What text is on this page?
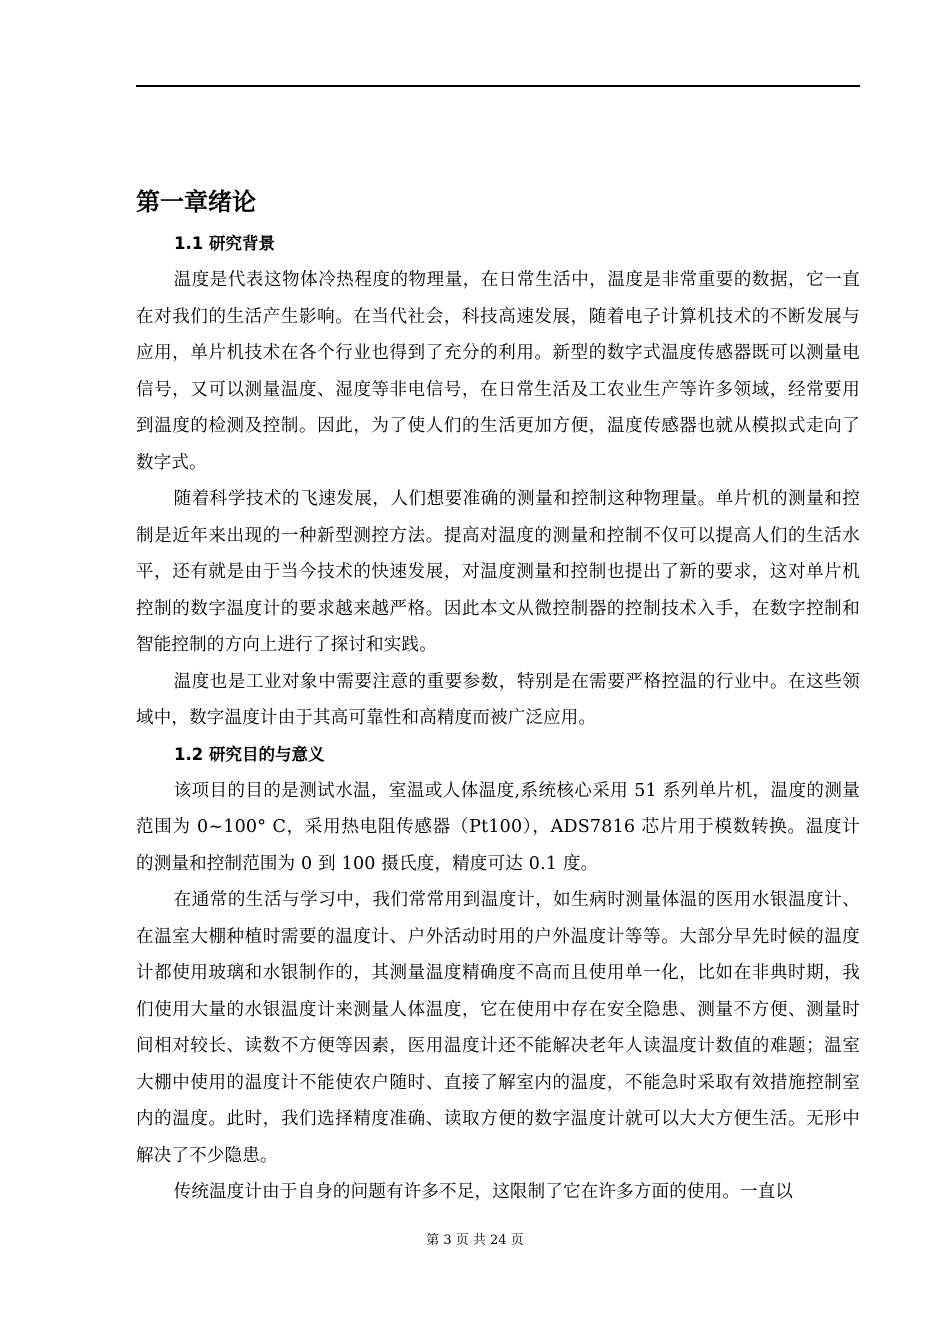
第一章绪论
1.1 研究背景

温度是代表这物体冷热程度的物理量，在日常生活中，温度是非常重要的数据，它一直在对我们的生活产生影响。在当代社会，科技高速发展，随着电子计算机技术的不断发展与应用，单片机技术在各个行业也得到了充分的利用。新型的数字式温度传感器既可以测量电信号，又可以测量温度、湿度等非电信号，在日常生活及工农业生产等许多领域，经常要用到温度的检测及控制。因此，为了使人们的生活更加方便，温度传感器也就从模拟式走向了数字式。

随着科学技术的飞速发展，人们想要准确的测量和控制这种物理量。单片机的测量和控制是近年来出现的一种新型测控方法。提高对温度的测量和控制不仅可以提高人们的生活水平，还有就是由于当今技术的快速发展，对温度测量和控制也提出了新的要求，这对单片机控制的数字温度计的要求越来越严格。因此本文从微控制器的控制技术入手，在数字控制和智能控制的方向上进行了探讨和实践。

温度也是工业对象中需要注意的重要参数，特别是在需要严格控温的行业中。在这些领域中，数字温度计由于其高可靠性和高精度而被广泛应用。

1.2 研究目的与意义

该项目的目的是测试水温，室温或人体温度,系统核心采用 51 系列单片机，温度的测量范围为 0~100° C，采用热电阻传感器（Pt100），ADS7816 芯片用于模数转换。温度计的测量和控制范围为 0 到 100 摄氏度，精度可达 0.1 度。

在通常的生活与学习中，我们常常用到温度计，如生病时测量体温的医用水银温度计、在温室大棚种植时需要的温度计、户外活动时用的户外温度计等等。大部分早先时候的温度计都使用玻璃和水银制作的，其测量温度精确度不高而且使用单一化，比如在非典时期，我们使用大量的水银温度计来测量人体温度，它在使用中存在安全隐患、测量不方便、测量时间相对较长、读数不方便等因素，医用温度计还不能解决老年人读温度计数值的难题；温室大棚中使用的温度计不能使农户随时、直接了解室内的温度，不能急时采取有效措施控制室内的温度。此时，我们选择精度准确、读取方便的数字温度计就可以大大方便生活。无形中解决了不少隐患。

传统温度计由于自身的问题有许多不足，这限制了它在许多方面的使用。一直以

第 3 页 共 24 页
